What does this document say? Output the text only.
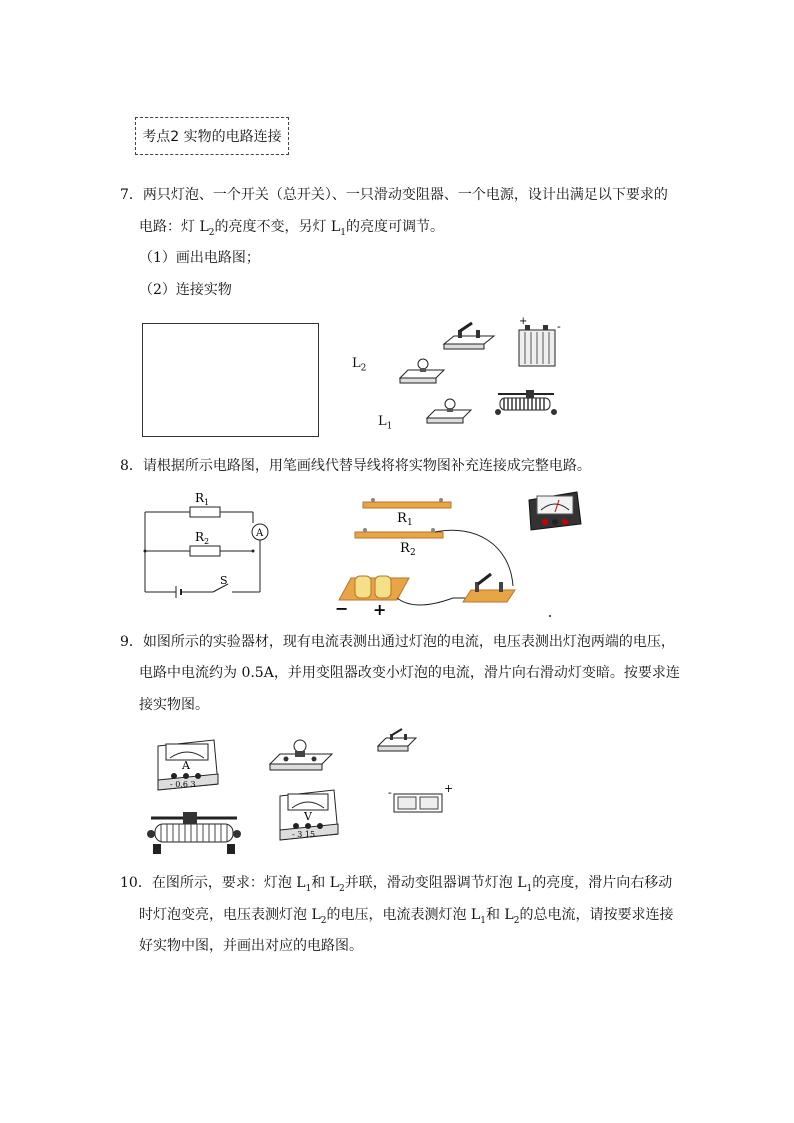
考点2 实物的电路连接
7．两只灯泡、一个开关（总开关）、一只滑动变阻器、一个电源，设计出满足以下要求的
电路：灯 $L_2$的亮度不变，另灯 $L_1$的亮度可调节。
（1）画出电路图；
（2）连接实物
$L_2$
$L_1$
+	-
8．请根据所示电路图，用笔画线代替导线将将实物图补充连接成完整电路。
A
R 1
R 2
S
R 1
R 2
− +
9．如图所示的实验器材，现有电流表测出通过灯泡的电流，电压表测出灯泡两端的电压，
电路中电流约为 0.5A，并用变阻器改变小灯泡的电流，滑片向右滑动灯变暗。按要求连
接实物图。
A
- 0.6 3
V
- 3 15
-	+
10．在图所示，要求：灯泡 $L_1$和 $L_2$并联，滑动变阻器调节灯泡 $L_1$的亮度，滑片向右移动
时灯泡变亮，电压表测灯泡 $L_2$的电压，电流表测灯泡 $L_1$和 $L_2$的总电流，请按要求连接
好实物中图，并画出对应的电路图。
